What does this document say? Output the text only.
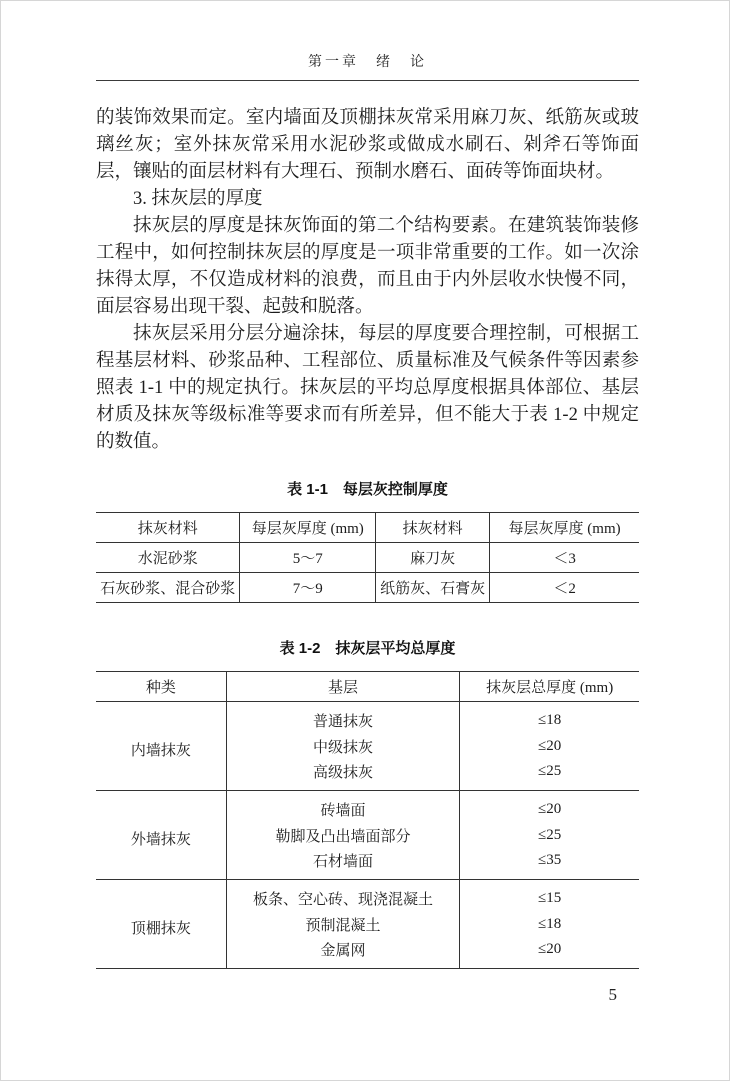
第一章　绪　论

的装饰效果而定。室内墙面及顶棚抹灰常采用麻刀灰、纸筋灰或玻璃丝灰；室外抹灰常采用水泥砂浆或做成水刷石、剁斧石等饰面层，镶贴的面层材料有大理石、预制水磨石、面砖等饰面块材。

3. 抹灰层的厚度

抹灰层的厚度是抹灰饰面的第二个结构要素。在建筑装饰装修工程中，如何控制抹灰层的厚度是一项非常重要的工作。如一次涂抹得太厚，不仅造成材料的浪费，而且由于内外层收水快慢不同，面层容易出现干裂、起鼓和脱落。

抹灰层采用分层分遍涂抹，每层的厚度要合理控制，可根据工程基层材料、砂浆品种、工程部位、质量标准及气候条件等因素参照表 1-1 中的规定执行。抹灰层的平均总厚度根据具体部位、基层材质及抹灰等级标准等要求而有所差异，但不能大于表 1-2 中规定的数值。

表 1-1　每层灰控制厚度
抹灰材料	每层灰厚度 (mm)	抹灰材料	每层灰厚度 (mm)
水泥砂浆	5～7	麻刀灰	＜3
石灰砂浆、混合砂浆	7～9	纸筋灰、石膏灰	＜2
表 1-2　抹灰层平均总厚度
种类	基层	抹灰层总厚度 (mm)
内墙抹灰	普通抹灰	≤18
	中级抹灰	≤20
	高级抹灰	≤25
外墙抹灰	砖墙面	≤20
	勒脚及凸出墙面部分	≤25
	石材墙面	≤35
顶棚抹灰	板条、空心砖、现浇混凝土	≤15
	预制混凝土	≤18
	金属网	≤20
5
